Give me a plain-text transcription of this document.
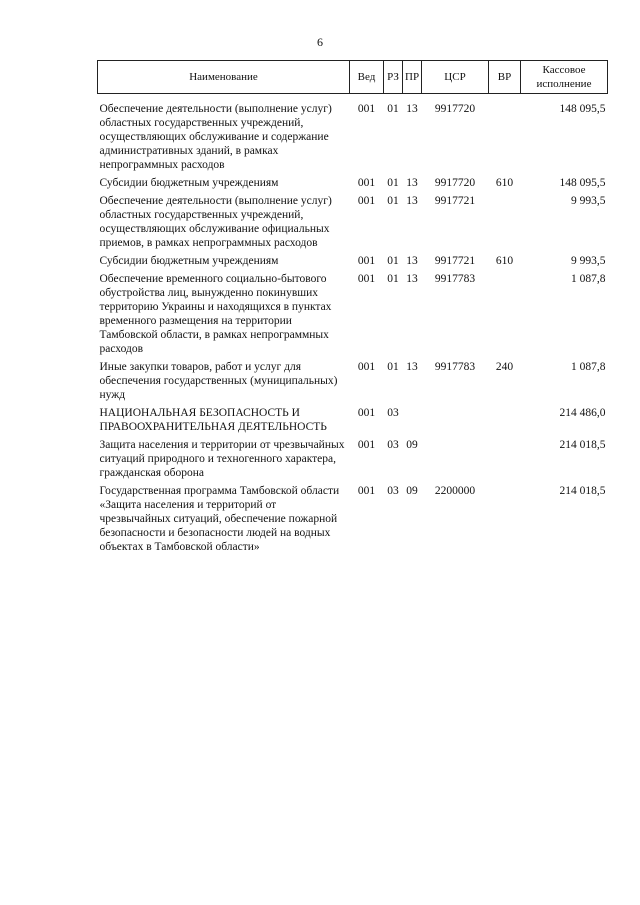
6
Наименование	Вед	РЗ	ПР	ЦСР	ВР	Кассовое исполнение

Обеспечение деятельности (выполнение услуг) областных государственных учреждений, осуществляющих обслуживание и содержание административных зданий, в рамках непрограммных расходов	001	01	13	9917720		148 095,5
Субсидии бюджетным учреждениям	001	01	13	9917720	610	148 095,5
Обеспечение деятельности (выполнение услуг) областных государственных учреждений, осуществляющих обслуживание официальных приемов, в рамках непрограммных расходов	001	01	13	9917721		9 993,5
Субсидии бюджетным учреждениям	001	01	13	9917721	610	9 993,5
Обеспечение временного социально-бытового обустройства лиц, вынужденно покинувших территорию Украины и находящихся в пунктах временного размещения на территории Тамбовской области, в рамках непрограммных расходов	001	01	13	9917783		1 087,8
Иные закупки товаров, работ и услуг для обеспечения государственных (муниципальных) нужд	001	01	13	9917783	240	1 087,8
НАЦИОНАЛЬНАЯ БЕЗОПАСНОСТЬ И ПРАВООХРАНИТЕЛЬНАЯ ДЕЯТЕЛЬНОСТЬ	001	03				214 486,0
Защита населения и территории от чрезвычайных ситуаций природного и техногенного характера, гражданская оборона	001	03	09			214 018,5
Государственная программа Тамбовской области «Защита населения и территорий от чрезвычайных ситуаций, обеспечение пожарной безопасности и безопасности людей на водных объектах в Тамбовской области»	001	03	09	2200000		214 018,5
